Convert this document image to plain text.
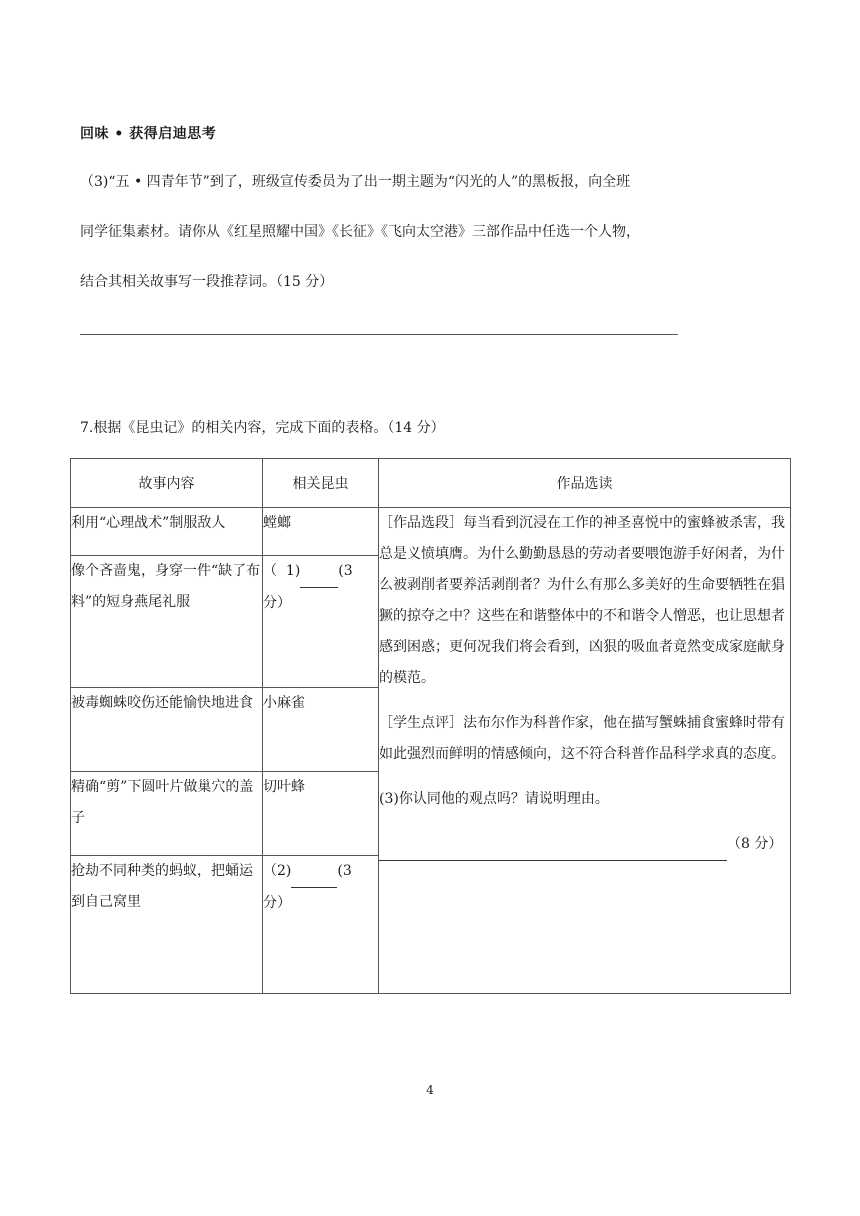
回味 • 获得启迪思考
（3)“五 • 四青年节”到了，班级宣传委员为了出一期主题为“闪光的人”的黑板报，向全班
同学征集素材。请你从《红星照耀中国》《长征》《飞向太空港》三部作品中任选一个人物，
结合其相关故事写一段推荐词。（15 分）
7.根据《昆虫记》的相关内容，完成下面的表格。（14 分）
故事内容	相关昆虫	作品选读
利用“心理战术”制服敌人	螳螂	［作品选段］每当看到沉浸在工作的神圣喜悦中的蜜蜂被杀害，我总是义愤填膺。为什么勤勤恳恳的劳动者要喂饱游手好闲者，为什么被剥削者要养活剥削者？为什么有那么多美好的生命要牺牲在猖獗的掠夺之中？这些在和谐整体中的不和谐令人憎恶，也让思想者感到困惑；更何况我们将会看到，凶狠的吸血者竟然变成家庭献身的模范。

［学生点评］法布尔作为科普作家，他在描写蟹蛛捕食蜜蜂时带有如此强烈而鲜明的情感倾向，这不符合科普作品科学求真的态度。

(3)你认同他的观点吗？请说明理由。

（8 分）

像个吝啬鬼，身穿一件“缺了布料”的短身燕尾礼服	（ 1) (3
分）	
被毒蜘蛛咬伤还能愉快地进食	小麻雀	
精确“剪”下圆叶片做巢穴的盖子	切叶蜂	
抢劫不同种类的蚂蚁，把蛹运到自己窝里	（2) (3
分）	
4
